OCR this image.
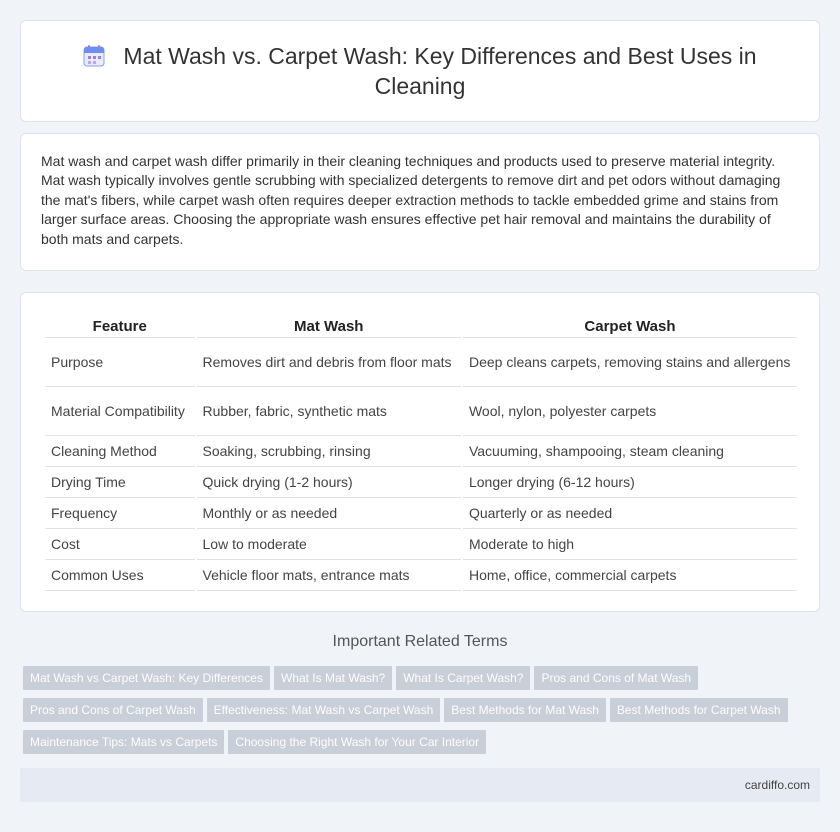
Mat Wash vs. Carpet Wash: Key Differences and Best Uses in Cleaning

Mat wash and carpet wash differ primarily in their cleaning techniques and products used to preserve material integrity. Mat wash typically involves gentle scrubbing with specialized detergents to remove dirt and pet odors without damaging the mat's fibers, while carpet wash often requires deeper extraction methods to tackle embedded grime and stains from larger surface areas. Choosing the appropriate wash ensures effective pet hair removal and maintains the durability of both mats and carpets.

Feature	Mat Wash	Carpet Wash
Purpose	Removes dirt and debris from floor mats	Deep cleans carpets, removing stains and allergens
Material Compatibility	Rubber, fabric, synthetic mats	Wool, nylon, polyester carpets
Cleaning Method	Soaking, scrubbing, rinsing	Vacuuming, shampooing, steam cleaning
Drying Time	Quick drying (1-2 hours)	Longer drying (6-12 hours)
Frequency	Monthly or as needed	Quarterly or as needed
Cost	Low to moderate	Moderate to high
Common Uses	Vehicle floor mats, entrance mats	Home, office, commercial carpets
Important Related Terms
Mat Wash vs Carpet Wash: Key Differences What Is Mat Wash? What Is Carpet Wash? Pros and Cons of Mat Wash
Pros and Cons of Carpet Wash Effectiveness: Mat Wash vs Carpet Wash Best Methods for Mat Wash Best Methods for Carpet Wash
Maintenance Tips: Mats vs Carpets Choosing the Right Wash for Your Car Interior
cardiffo.com
